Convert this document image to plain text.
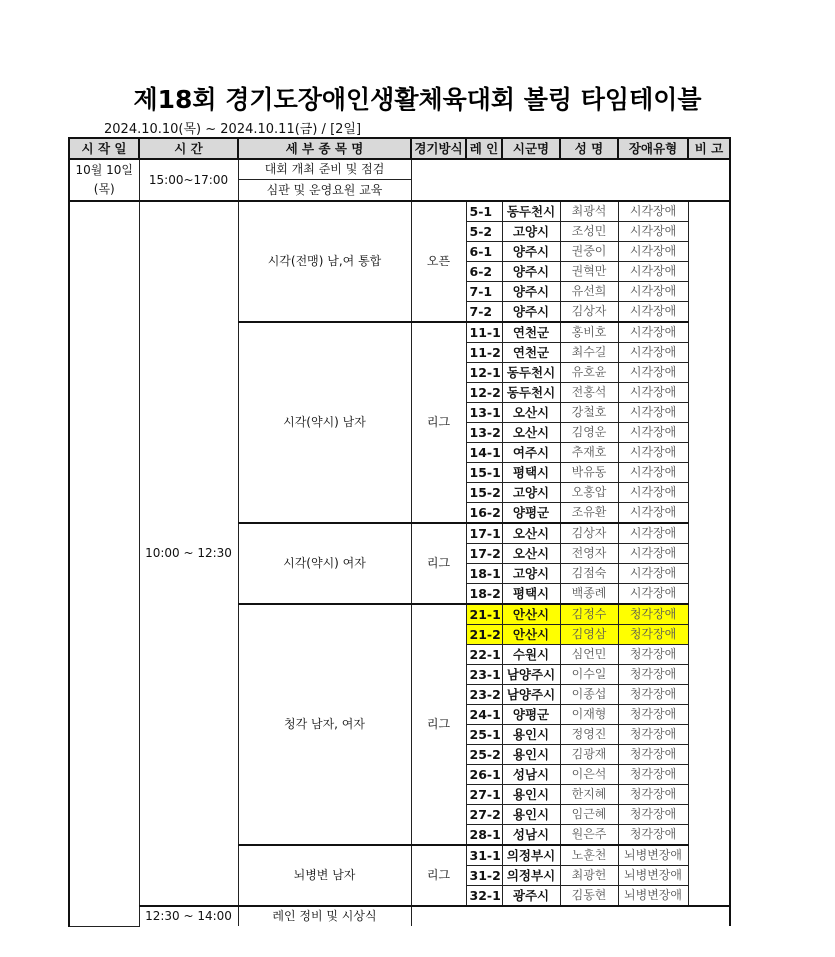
제18회 경기도장애인생활체육대회 볼링 타임테이블
2024.10.10(목) ~ 2024.10.11(금) / [2일]
시 작 일	시 간	세 부 종 목 명	경기방식	레 인	시군명	성 명	장애유형	비 고
10월 10일
(목)	15:00~17:00	대회 개최 준비 및 점검						
		심판 및 운영요원 교육						
	10:00 ~ 12:30	시각(전맹) 남,여 통합	오픈	5-1	동두천시	최광석	시각장애	
				5-2	고양시	조성민	시각장애	
				6-1	양주시	권중이	시각장애	
				6-2	양주시	권혁만	시각장애	
				7-1	양주시	유선희	시각장애	
				7-2	양주시	김상자	시각장애	
		시각(약시) 남자	리그	11-1	연천군	홍비호	시각장애	
				11-2	연천군	최수길	시각장애	
				12-1	동두천시	유호윤	시각장애	
				12-2	동두천시	전홍석	시각장애	
				13-1	오산시	강철호	시각장애	
				13-2	오산시	김영운	시각장애	
				14-1	여주시	추재호	시각장애	
				15-1	평택시	박유동	시각장애	
				15-2	고양시	오홍압	시각장애	
				16-2	양평군	조유환	시각장애	
		시각(약시) 여자	리그	17-1	오산시	김상자	시각장애	
				17-2	오산시	전영자	시각장애	
				18-1	고양시	김점숙	시각장애	
				18-2	평택시	백종례	시각장애	
		청각 남자, 여자	리그	21-1	안산시	김정수	청각장애	
				21-2	안산시	김영삼	청각장애	
				22-1	수원시	심언민	청각장애	
				23-1	남양주시	이수일	청각장애	
				23-2	남양주시	이종섭	청각장애	
				24-1	양평군	이재형	청각장애	
				25-1	용인시	정영진	청각장애	
				25-2	용인시	김광재	청각장애	
				26-1	성남시	이은석	청각장애	
				27-1	용인시	한지혜	청각장애	
				27-2	용인시	임근혜	청각장애	
				28-1	성남시	원은주	청각장애	
		뇌병변 남자	리그	31-1	의정부시	노훈천	뇌병변장애	
				31-2	의정부시	최광헌	뇌병변장애	
				32-1	광주시	김동현	뇌병변장애	
	12:30 ~ 14:00	레인 정비 및 시상식						
